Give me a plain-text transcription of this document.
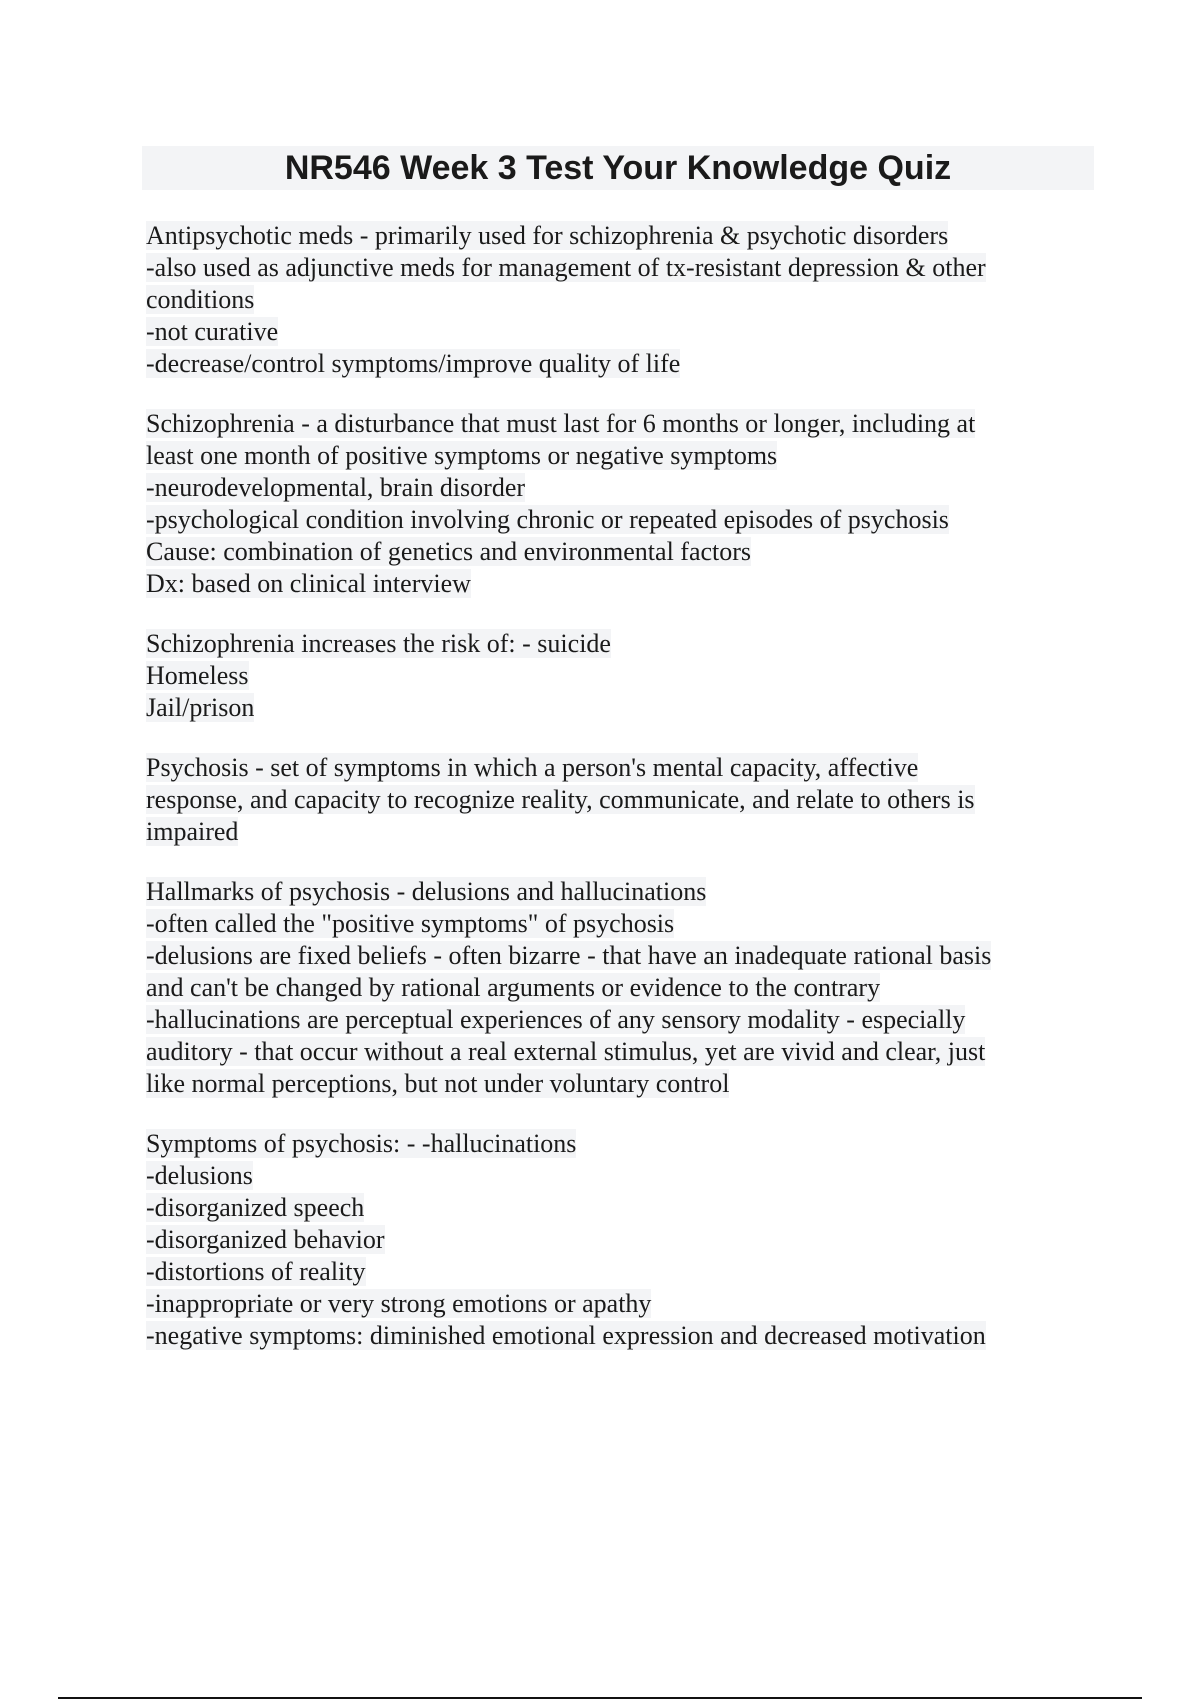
NR546 Week 3 Test Your Knowledge Quiz
Antipsychotic meds - primarily used for schizophrenia & psychotic disorders
-also used as adjunctive meds for management of tx-resistant depression & other
conditions
-not curative
-decrease/control symptoms/improve quality of life
Schizophrenia - a disturbance that must last for 6 months or longer, including at
least one month of positive symptoms or negative symptoms
-neurodevelopmental, brain disorder
-psychological condition involving chronic or repeated episodes of psychosis
Cause: combination of genetics and environmental factors
Dx: based on clinical interview
Schizophrenia increases the risk of: - suicide
Homeless
Jail/prison
Psychosis - set of symptoms in which a person's mental capacity, affective
response, and capacity to recognize reality, communicate, and relate to others is
impaired
Hallmarks of psychosis - delusions and hallucinations
-often called the "positive symptoms" of psychosis
-delusions are fixed beliefs - often bizarre - that have an inadequate rational basis
and can't be changed by rational arguments or evidence to the contrary
-hallucinations are perceptual experiences of any sensory modality - especially
auditory - that occur without a real external stimulus, yet are vivid and clear, just
like normal perceptions, but not under voluntary control
Symptoms of psychosis: - -hallucinations
-delusions
-disorganized speech
-disorganized behavior
-distortions of reality
-inappropriate or very strong emotions or apathy
-negative symptoms: diminished emotional expression and decreased motivation
